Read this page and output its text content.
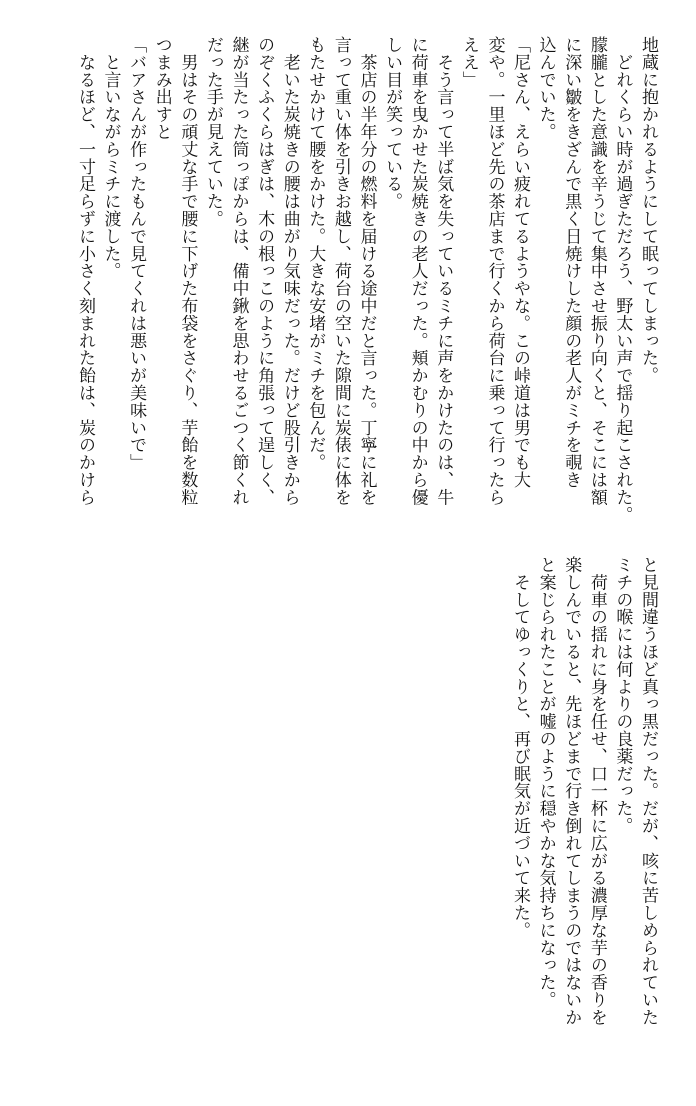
地蔵に抱かれるようにして眠ってしまった。
　どれくらい時が過ぎただろう、野太い声で揺り起こされた。
朦朧とした意識を辛うじて集中させ振り向くと、そこには額
に深い皺をきざんで黒く日焼けした顔の老人がミチを覗き
込んでいた。
「尼さん、えらい疲れてるようやな。この峠道は男でも大
変や。一里ほど先の茶店まで行くから荷台に乗って行ったら
ええ」
　そう言って半ば気を失っているミチに声をかけたのは、牛
に荷車を曳かせた炭焼きの老人だった。頬かむりの中から優
しい目が笑っている。
　茶店の半年分の燃料を届ける途中だと言った。丁寧に礼を
言って重い体を引きお越し、荷台の空いた隙間に炭俵に体を
もたせかけて腰をかけた。大きな安堵がミチを包んだ。
　老いた炭焼きの腰は曲がり気味だった。だけど股引きから
のぞくふくらはぎは、木の根っこのように角張って逞しく、
継が当たった筒っぽからは、備中鍬を思わせるごつく節くれ
だった手が見えていた。
　男はその頑丈な手で腰に下げた布袋をさぐり、芋飴を数粒
つまみ出すと
「バアさんが作ったもんで見てくれは悪いが美味いで」
　と言いながらミチに渡した。
　なるほど、一寸足らずに小さく刻まれた飴は、炭のかけら
と見間違うほど真っ黒だった。だが、咳に苦しめられていた
ミチの喉には何よりの良薬だった。
　荷車の揺れに身を任せ、口一杯に広がる濃厚な芋の香りを
楽しんでいると、先ほどまで行き倒れてしまうのではないか
と案じられたことが嘘のように穏やかな気持ちになった。
　そしてゆっくりと、再び眠気が近づいて来た。
